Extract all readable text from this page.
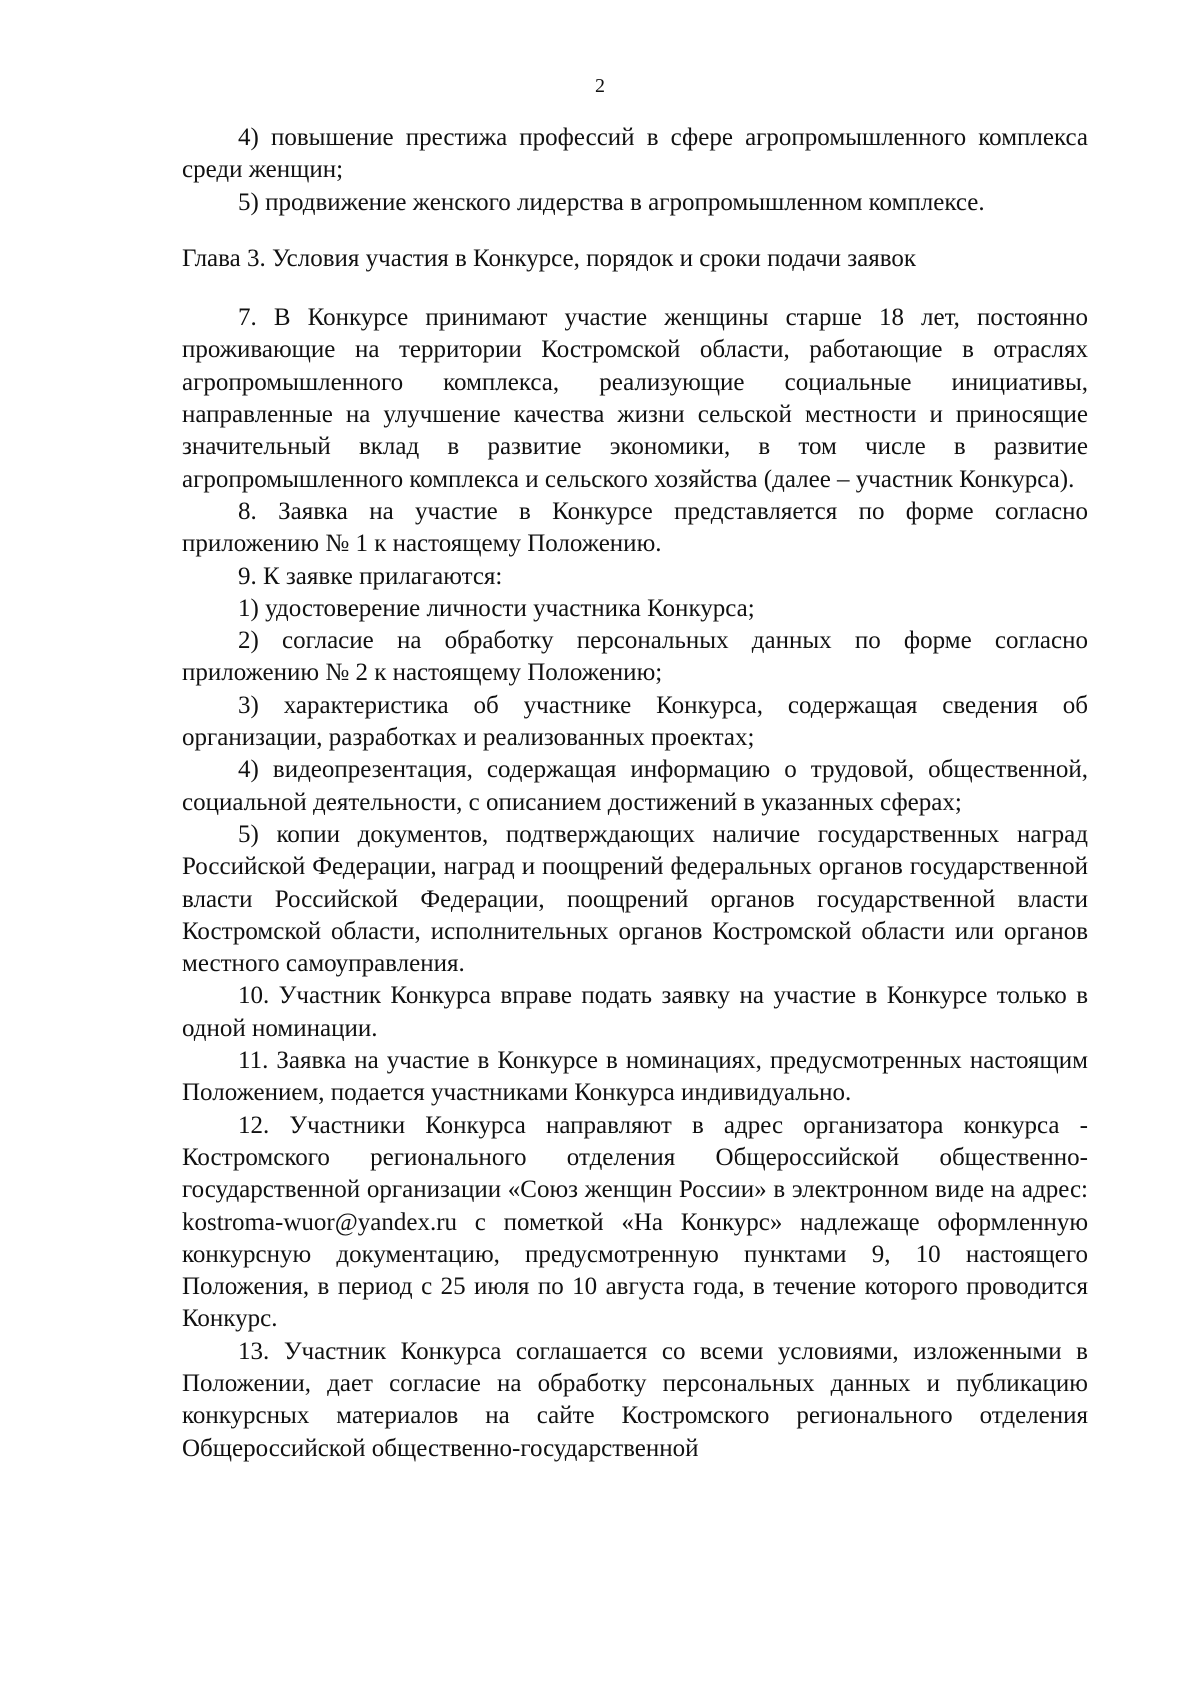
2

4) повышение престижа профессий в сфере агропромышленного комплекса среди женщин;

5) продвижение женского лидерства в агропромышленном комплексе.

Глава 3. Условия участия в Конкурсе, порядок и сроки подачи заявок

7. В Конкурсе принимают участие женщины старше 18 лет, постоянно проживающие на территории Костромской области, работающие в отраслях агропромышленного комплекса, реализующие социальные инициативы, направленные на улучшение качества жизни сельской местности и приносящие значительный вклад в развитие экономики, в том числе в развитие агропромышленного комплекса и сельского хозяйства (далее – участник Конкурса).

8. Заявка на участие в Конкурсе представляется по форме согласно приложению № 1 к настоящему Положению.

9. К заявке прилагаются:

1) удостоверение личности участника Конкурса;

2) согласие на обработку персональных данных по форме согласно приложению № 2 к настоящему Положению;

3) характеристика об участнике Конкурса, содержащая сведения об организации, разработках и реализованных проектах;

4) видеопрезентация, содержащая информацию о трудовой, общественной, социальной деятельности, с описанием достижений в указанных сферах;

5) копии документов, подтверждающих наличие государственных наград Российской Федерации, наград и поощрений федеральных органов государственной власти Российской Федерации, поощрений органов государственной власти Костромской области, исполнительных органов Костромской области или органов местного самоуправления.

10. Участник Конкурса вправе подать заявку на участие в Конкурсе только в одной номинации.

11. Заявка на участие в Конкурсе в номинациях, предусмотренных настоящим Положением, подается участниками Конкурса индивидуально.

12. Участники Конкурса направляют в адрес организатора конкурса - Костромского регионального отделения Общероссийской общественно-государственной организации «Союз женщин России» в электронном виде на адрес: kostroma-wuor@yandex.ru с пометкой «На Конкурс» надлежаще оформленную конкурсную документацию, предусмотренную пунктами 9, 10 настоящего Положения, в период с 25 июля по 10 августа года, в течение которого проводится Конкурс.

13. Участник Конкурса соглашается со всеми условиями, изложенными в Положении, дает согласие на обработку персональных данных и публикацию конкурсных материалов на сайте Костромского регионального отделения Общероссийской общественно-государственной
